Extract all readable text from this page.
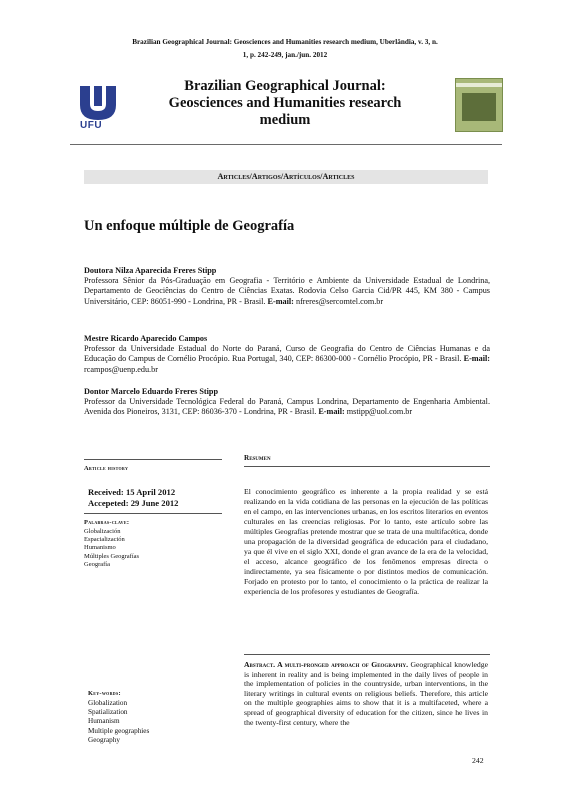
Brazilian Geographical Journal: Geosciences and Humanities research medium, Uberlândia, v. 3, n.
1, p. 242-249, jan./jun. 2012
UFU
Brazilian Geographical Journal:
Geosciences and Humanities research
medium
Articles/Artigos/Artículos/Articles
Un enfoque múltiple de Geografía
Doutora Nilza Aparecida Freres Stipp
Professora Sênior da Pós-Graduação em Geografia - Território e Ambiente da Universidade Estadual de Londrina, Departamento de Geociências do Centro de Ciências Exatas. Rodovia Celso Garcia Cid/PR 445, KM 380 - Campus Universitário, CEP: 86051-990 - Londrina, PR - Brasil. E-mail: nfreres@sercomtel.com.br
Mestre Ricardo Aparecido Campos
Professor da Universidade Estadual do Norte do Paraná, Curso de Geografia do Centro de Ciências Humanas e da Educação do Campus de Cornélio Procópio. Rua Portugal, 340, CEP: 86300-000 - Cornélio Procópio, PR - Brasil. E-mail: rcampos@uenp.edu.br
Dontor Marcelo Eduardo Freres Stipp
Professor da Universidade Tecnológica Federal do Paraná, Campus Londrina, Departamento de Engenharia Ambiental. Avenida dos Pioneiros, 3131, CEP: 86036-370 - Londrina, PR - Brasil. E-mail: mstipp@uol.com.br
Article history
Received: 15 April 2012
Accepeted: 29 June 2012
Palabras-clave:
Globalización
Espacialización
Humanismo
Múltiples Geografías
Geografía
Resumen
El conocimiento geográfico es inherente a la propia realidad y se está realizando en la vida cotidiana de las personas en la ejecución de las políticas en el campo, en las intervenciones urbanas, en los escritos literarios en eventos culturales en las creencias religiosas. Por lo tanto, este artículo sobre las múltiples Geografías pretende mostrar que se trata de una multifacética, donde una propagación de la diversidad geográfica de educación para el ciudadano, ya que él vive en el siglo XXI, donde el gran avance de la era de la velocidad, el acceso, alcance geográfico de los fenômenos empresas directa o indirectamente, ya sea físicamente o por distintos medios de comunicación. Forjado en protesto por lo tanto, el conocimiento o la práctica de realizar la experiencia de los profesores y estudiantes de Geografía.
Abstract. A multi-pronged approach of Geography. Geographical knowledge is inherent in reality and is being implemented in the daily lives of people in the implementation of policies in the countryside, urban interventions, in the literary writings in cultural events on religious beliefs. Therefore, this article on the multiple geographies aims to show that it is a multifaceted, where a spread of geographical diversity of education for the citizen, since he lives in the twenty-first century, where the
Key-words:
Globalization
Spatialization
Humanism
Multiple geographies
Geography
242
